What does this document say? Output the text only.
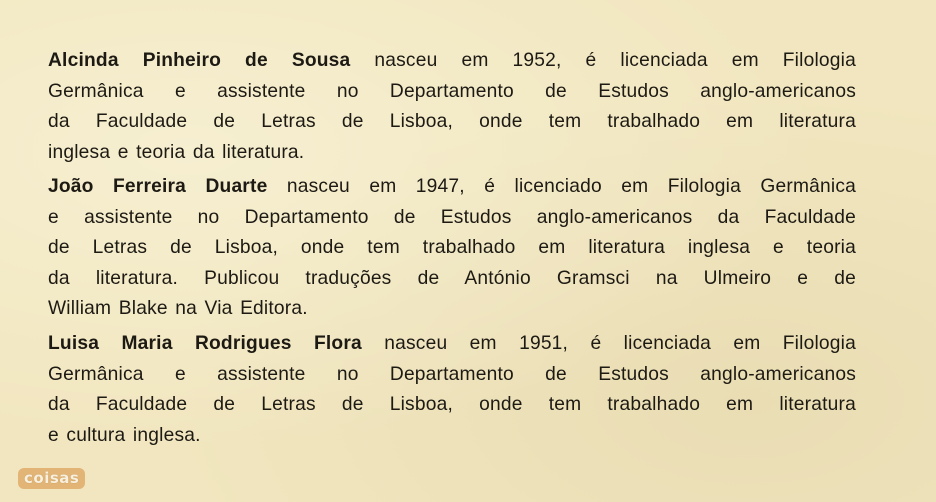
Alcinda Pinheiro de Sousa nasceu em 1952, é licenciada em Filologia
Germânica e assistente no Departamento de Estudos anglo-americanos
da Faculdade de Letras de Lisboa, onde tem trabalhado em literatura
inglesa e teoria da literatura.

João Ferreira Duarte nasceu em 1947, é licenciado em Filologia Germânica
e assistente no Departamento de Estudos anglo-americanos da Faculdade
de Letras de Lisboa, onde tem trabalhado em literatura inglesa e teoria
da literatura. Publicou traduções de António Gramsci na Ulmeiro e de
William Blake na Via Editora.

Luisa Maria Rodrigues Flora nasceu em 1951, é licenciada em Filologia
Germânica e assistente no Departamento de Estudos anglo-americanos
da Faculdade de Letras de Lisboa, onde tem trabalhado em literatura
e cultura inglesa.

coisas
